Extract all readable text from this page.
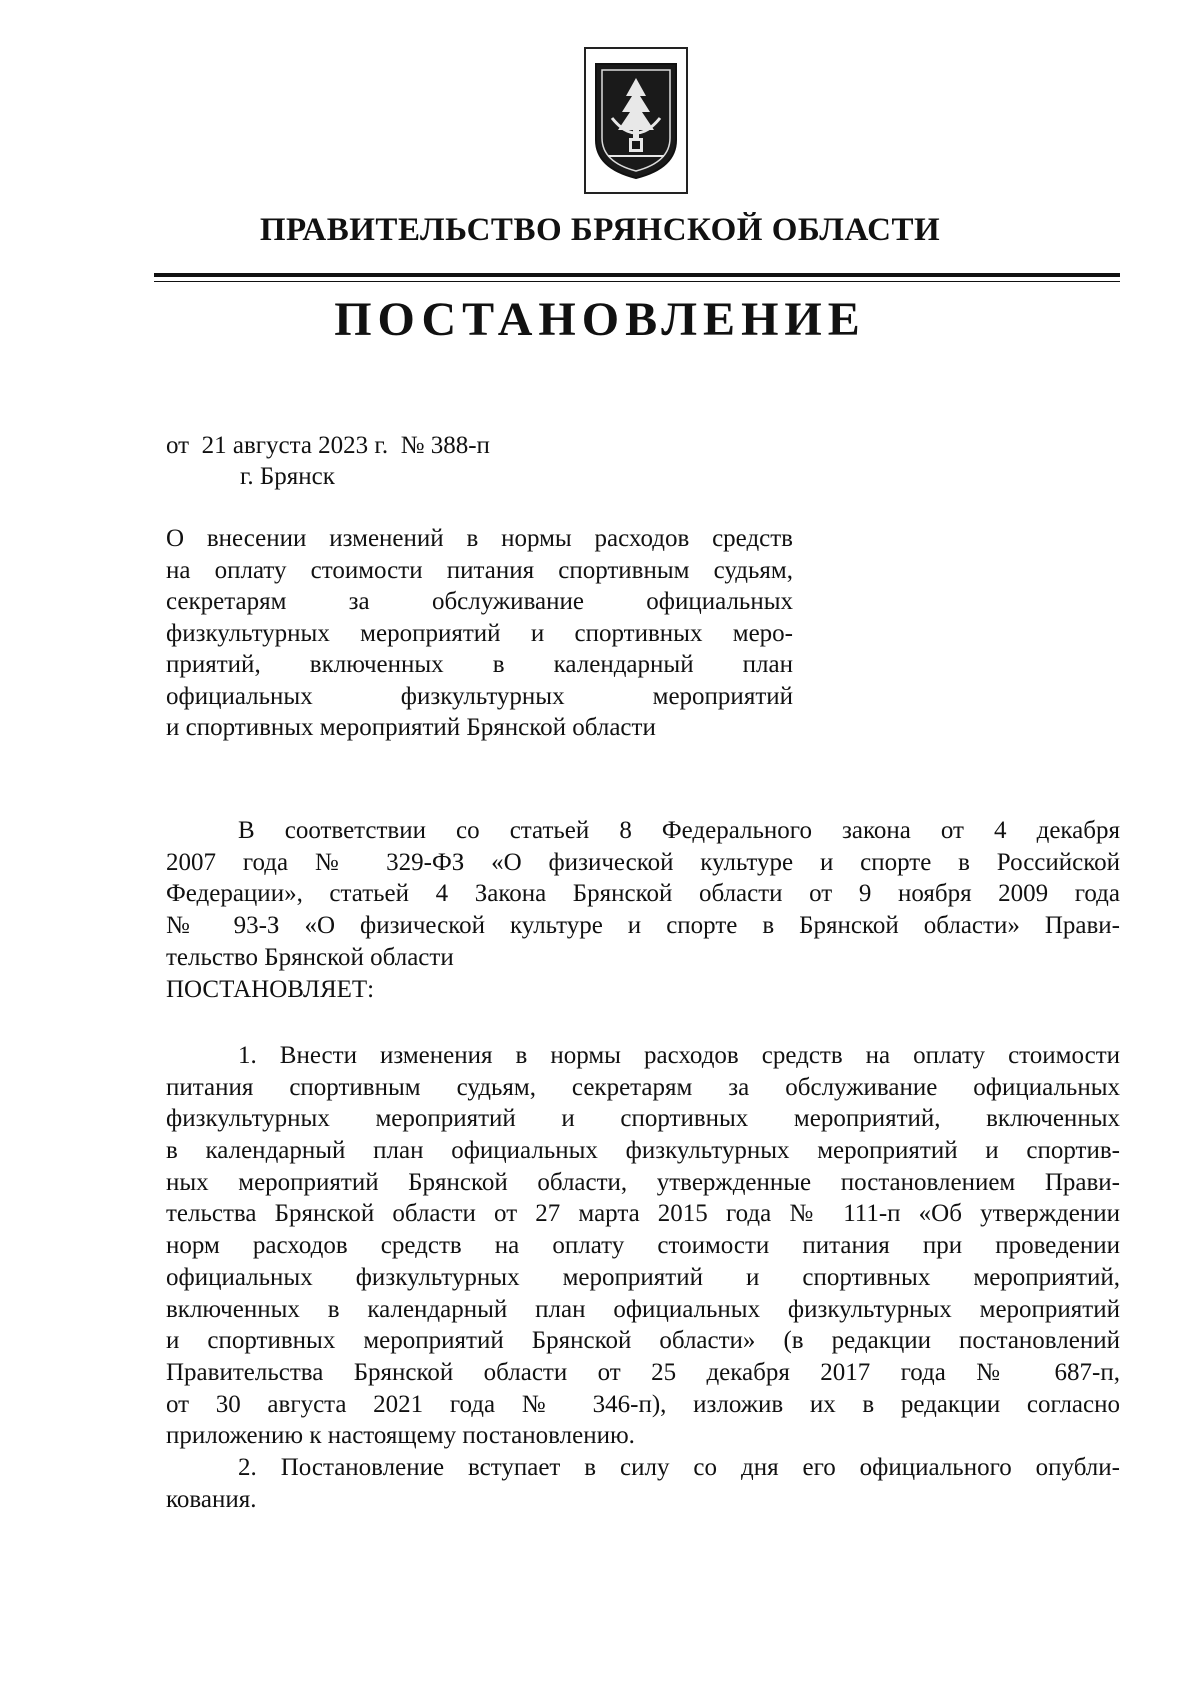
ПРАВИТЕЛЬСТВО БРЯНСКОЙ ОБЛАСТИ
ПОСТАНОВЛЕНИЕ
от  21 августа 2023 г.  № 388-п
г. Брянск
О внесении изменений в нормы расходов средств
на оплату стоимости питания спортивным судьям,
секретарям за обслуживание официальных
физкультурных мероприятий и спортивных меро-
приятий, включенных в календарный план
официальных физкультурных мероприятий
и спортивных мероприятий Брянской области
В соответствии со статьей 8 Федерального закона от 4 декабря
2007 года № 329-ФЗ «О физической культуре и спорте в Российской
Федерации», статьей 4 Закона Брянской области от 9 ноября 2009 года
№ 93-З «О физической культуре и спорте в Брянской области» Прави-
тельство Брянской области
ПОСТАНОВЛЯЕТ:
1. Внести изменения в нормы расходов средств на оплату стоимости
питания спортивным судьям, секретарям за обслуживание официальных
физкультурных мероприятий и спортивных мероприятий, включенных
в календарный план официальных физкультурных мероприятий и спортив-
ных мероприятий Брянской области, утвержденные постановлением Прави-
тельства Брянской области от 27 марта 2015 года № 111-п «Об утверждении
норм расходов средств на оплату стоимости питания при проведении
официальных физкультурных мероприятий и спортивных мероприятий,
включенных в календарный план официальных физкультурных мероприятий
и спортивных мероприятий Брянской области» (в редакции постановлений
Правительства Брянской области от 25 декабря 2017 года № 687-п,
от 30 августа 2021 года № 346-п), изложив их в редакции согласно
приложению к настоящему постановлению.
2. Постановление вступает в силу со дня его официального опубли-
кования.
